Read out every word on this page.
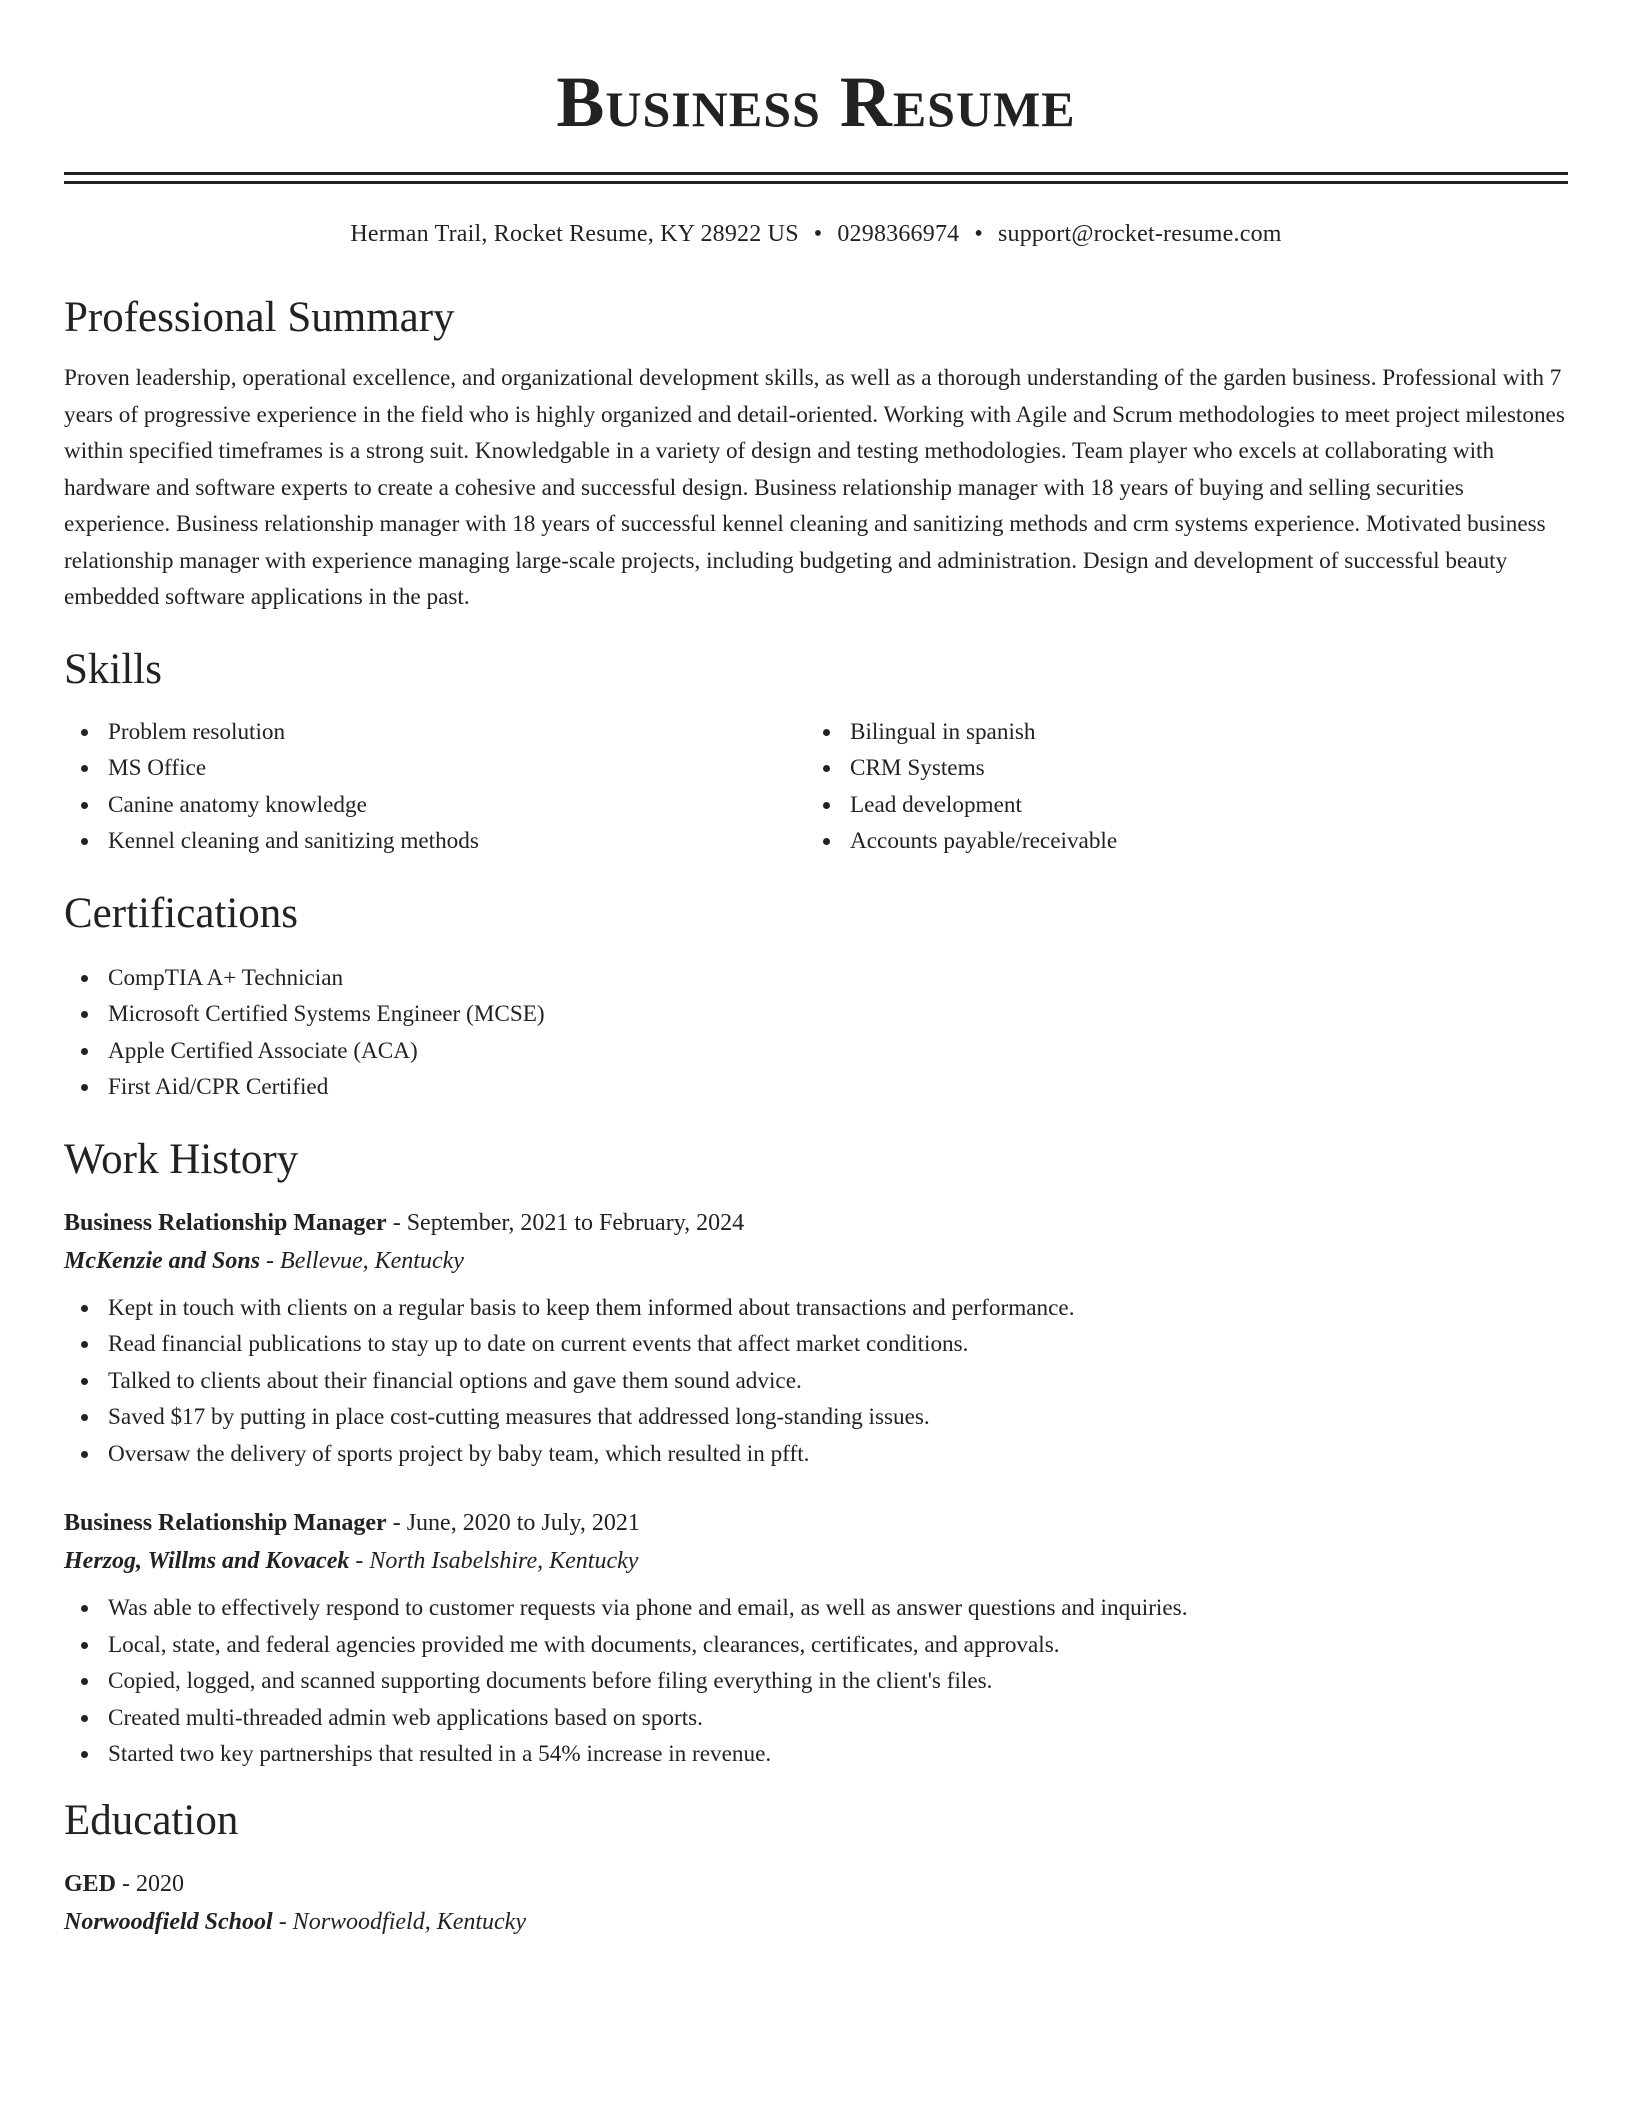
Business Resume
Herman Trail, Rocket Resume, KY 28922 US • 0298366974 • support@rocket-resume.com
Professional Summary

Proven leadership, operational excellence, and organizational development skills, as well as a thorough understanding of the garden business. Professional with 7 years of progressive experience in the field who is highly organized and detail-oriented. Working with Agile and Scrum methodologies to meet project milestones within specified timeframes is a strong suit. Knowledgable in a variety of design and testing methodologies. Team player who excels at collaborating with hardware and software experts to create a cohesive and successful design. Business relationship manager with 18 years of buying and selling securities experience. Business relationship manager with 18 years of successful kennel cleaning and sanitizing methods and crm systems experience. Motivated business relationship manager with experience managing large-scale projects, including budgeting and administration. Design and development of successful beauty embedded software applications in the past.

Skills
Problem resolution
MS Office
Canine anatomy knowledge
Kennel cleaning and sanitizing methods
Bilingual in spanish
CRM Systems
Lead development
Accounts payable/receivable
Certifications
CompTIA A+ Technician
Microsoft Certified Systems Engineer (MCSE)
Apple Certified Associate (ACA)
First Aid/CPR Certified
Work History
Business Relationship Manager - September, 2021 to February, 2024
McKenzie and Sons - Bellevue, Kentucky
Kept in touch with clients on a regular basis to keep them informed about transactions and performance.
Read financial publications to stay up to date on current events that affect market conditions.
Talked to clients about their financial options and gave them sound advice.
Saved $17 by putting in place cost-cutting measures that addressed long-standing issues.
Oversaw the delivery of sports project by baby team, which resulted in pfft.
Business Relationship Manager - June, 2020 to July, 2021
Herzog, Willms and Kovacek - North Isabelshire, Kentucky
Was able to effectively respond to customer requests via phone and email, as well as answer questions and inquiries.
Local, state, and federal agencies provided me with documents, clearances, certificates, and approvals.
Copied, logged, and scanned supporting documents before filing everything in the client's files.
Created multi-threaded admin web applications based on sports.
Started two key partnerships that resulted in a 54% increase in revenue.
Education
GED - 2020
Norwoodfield School - Norwoodfield, Kentucky
